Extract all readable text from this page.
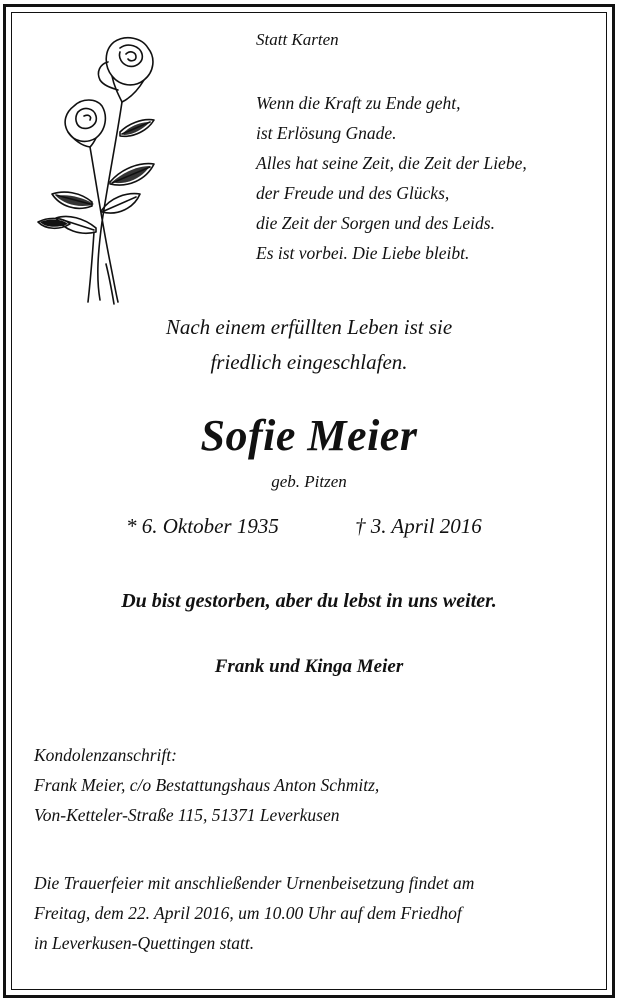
Statt Karten
Wenn die Kraft zu Ende geht,
ist Erlösung Gnade.
Alles hat seine Zeit, die Zeit der Liebe,
der Freude und des Glücks,
die Zeit der Sorgen und des Leids.
Es ist vorbei. Die Liebe bleibt.
Nach einem erfüllten Leben ist sie
friedlich eingeschlafen.
Sofie Meier
geb. Pitzen
* 6. Oktober 1935	† 3. April 2016
Du bist gestorben, aber du lebst in uns weiter.
Frank und Kinga Meier
Kondolenzanschrift:
Frank Meier, c/o Bestattungshaus Anton Schmitz,
Von-Ketteler-Straße 115, 51371 Leverkusen
Die Trauerfeier mit anschließender Urnenbeisetzung findet am
Freitag, dem 22. April 2016, um 10.00 Uhr auf dem Friedhof
in Leverkusen-Quettingen statt.
